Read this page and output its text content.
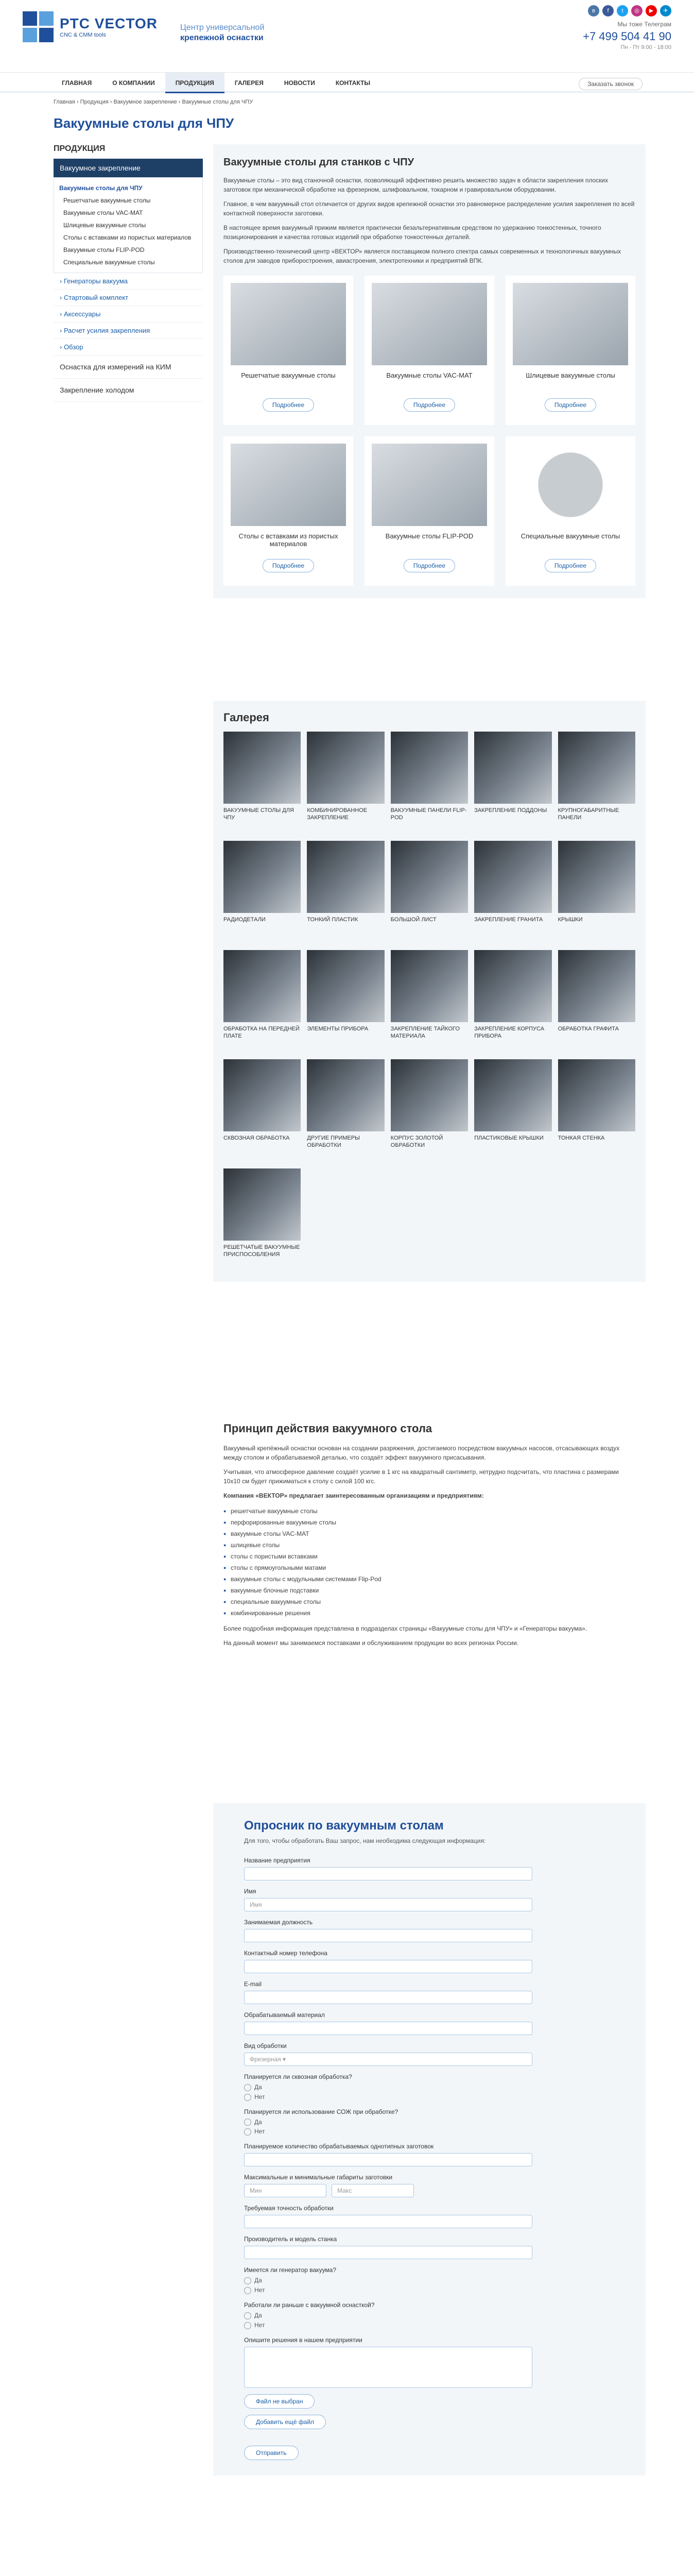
PTC VECTOR
CNC & CMM tools
Центр универсальной
крепежной оснастки
в	f	t	◎	▶	✈
Мы тоже Телеграм
+7 499 504 41 90
Пн - Пт 9:00 - 18:00
ГЛАВНАЯ	О КОМПАНИИ	ПРОДУКЦИЯ	ГАЛЕРЕЯ	НОВОСТИ	КОНТАКТЫ	Заказать звонок
Главная › Продукция › Вакуумное закрепление › Вакуумные столы для ЧПУ
Вакуумные столы для ЧПУ
ПРОДУКЦИЯ
Вакуумное закрепление
Вакуумные столы для ЧПУ
Решетчатые вакуумные столы
Вакуумные столы VAC-MAT
Шлицевые вакуумные столы
Столы с вставками из пористых материалов
Вакуумные столы FLIP-POD
Специальные вакуумные столы
› Генераторы вакуума
› Стартовый комплект
› Аксессуары
› Расчет усилия закрепления
› Обзор
Оснастка для измерений на КИМ
Закрепление холодом
Вакуумные столы для станков с ЧПУ

Вакуумные столы – это вид станочной оснастки, позволяющий эффективно решить множество задач в области закрепления плоских заготовок при механической обработке на фрезерном, шлифовальном, токарном и гравировальном оборудовании.

Главное, в чем вакуумный стол отличается от других видов крепежной оснастки это равномерное распределение усилия закрепления по всей контактной поверхности заготовки.

В настоящее время вакуумный прижим является практически безальтернативным средством по удержанию тонкостенных, точного позиционирования и качества готовых изделий при обработке тонкостенных деталей.

Производственно-технический центр «ВЕКТОР» является поставщиком полного спектра самых современных и технологичных вакуумных столов для заводов приборостроения, авиастроения, электротехники и предприятий ВПК.

Решетчатые вакуумные столы
Подробнее
Вакуумные столы VAC-MAT
Подробнее
Шлицевые вакуумные столы
Подробнее
Столы с вставками из пористых материалов
Подробнее
Вакуумные столы FLIP-POD
Подробнее
Специальные вакуумные столы
Подробнее
Галерея
ВАКУУМНЫЕ СТОЛЫ ДЛЯ ЧПУ
КОМБИНИРОВАННОЕ ЗАКРЕПЛЕНИЕ
ВАКУУМНЫЕ ПАНЕЛИ FLIP-POD
ЗАКРЕПЛЕНИЕ ПОДДОНЫ	КРУПНОГАБАРИТНЫЕ ПАНЕЛИ
РАДИОДЕТАЛИ	ТОНКИЙ ПЛАСТИК	БОЛЬШОЙ ЛИСТ	ЗАКРЕПЛЕНИЕ ГРАНИТА	КРЫШКИ
ОБРАБОТКА НА ПЕРЕДНЕЙ ПЛАТЕ
ЭЛЕМЕНТЫ ПРИБОРА	ЗАКРЕПЛЕНИЕ ТАЙКОГО МАТЕРИАЛА
ЗАКРЕПЛЕНИЕ КОРПУСА ПРИБОРА
ОБРАБОТКА ГРАФИТА
СКВОЗНАЯ ОБРАБОТКА	ДРУГИЕ ПРИМЕРЫ ОБРАБОТКИ
КОРПУС ЗОЛОТОЙ ОБРАБОТКИ
ПЛАСТИКОВЫЕ КРЫШКИ	ТОНКАЯ СТЕНКА
РЕШЕТЧАТЫЕ ВАКУУМНЫЕ ПРИСПОСОБЛЕНИЯ
Принцип действия вакуумного стола

Вакуумный крепёжный оснастки основан на создании разряжения, достигаемого посредством вакуумных насосов, отсасывающих воздух между столом и обрабатываемой деталью, что создаёт эффект вакуумного присасывания.

Учитывая, что атмосферное давление создаёт усилие в 1 кгс на квадратный сантиметр, нетрудно подсчитать, что пластина с размерами 10х10 см будет прижиматься к столу с силой 100 кгс.

Компания «ВЕКТОР» предлагает заинтересованным организациям и предприятиям:

● решетчатые вакуумные столы
● перфорированные вакуумные столы
● вакуумные столы VAC-MAT
● шлицевые столы
● столы с пористыми вставками
● столы с прямоугольными матами
● вакуумные столы с модульными системами Flip-Pod
● вакуумные блочные подставки
● специальные вакуумные столы
● комбинированные решения

Более подробная информация представлена в подразделах страницы «Вакуумные столы для ЧПУ» и «Генераторы вакуума».

На данный момент мы занимаемся поставками и обслуживанием продукции во всех регионах России.

Опросник по вакуумным столам
Для того, чтобы обработать Ваш запрос, нам необходима следующая информация:
Название предприятия
Имя
Имя
Занимаемая должность
Контактный номер телефона
E-mail
Обрабатываемый материал
Вид обработки
Фрезерная ▾
Планируется ли сквозная обработка?
Да
Нет
Планируется ли использование СОЖ при обработке?
Да
Нет
Планируемое количество обрабатываемых однотипных заготовок
Максимальные и минимальные габариты заготовки
Мин	Макс
Требуемая точность обработки
Производитель и модель станка
Имеется ли генератор вакуума?
Да
Нет
Работали ли раньше с вакуумной оснасткой?
Да
Нет
Опишите решения в нашем предприятии
Файл не выбран
Добавить ещё файл
Отправить
